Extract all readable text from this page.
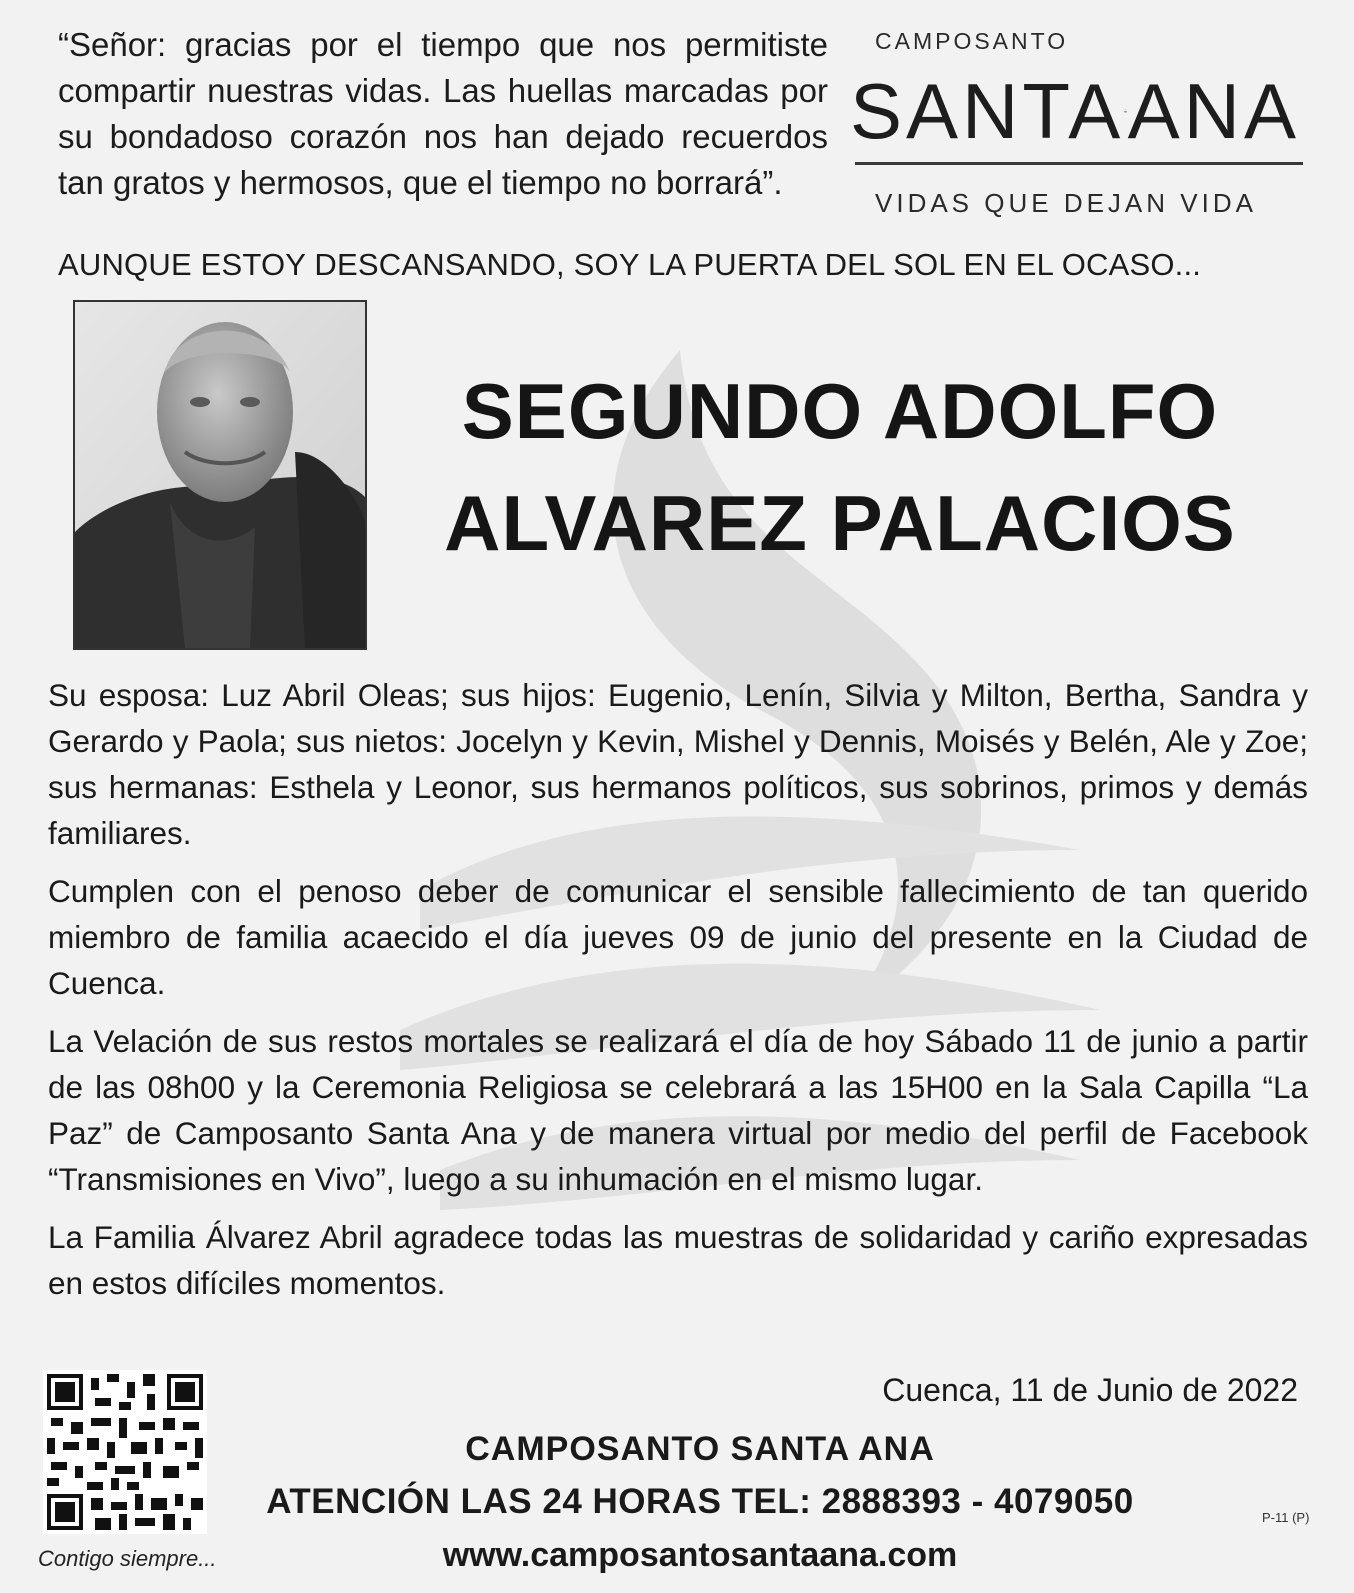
“Señor: gracias por el tiempo que nos permitiste compartir nuestras vidas. Las huellas marcadas por su bondadoso corazón nos han dejado recuerdos tan gratos y hermosos, que el tiempo no borrará”.
CAMPOSANTO
SANTA ANA
VIDAS QUE DEJAN VIDA
AUNQUE ESTOY DESCANSANDO, SOY LA PUERTA DEL SOL EN EL OCASO...
SEGUNDO ADOLFO
ALVAREZ PALACIOS

Su esposa: Luz Abril Oleas; sus hijos: Eugenio, Lenín, Silvia y Milton, Bertha, Sandra y Gerardo y Paola; sus nietos: Jocelyn y Kevin, Mishel y Dennis, Moisés y Belén, Ale y Zoe; sus hermanas: Esthela y Leonor, sus hermanos políticos, sus sobrinos, primos y demás familiares.

Cumplen con el penoso deber de comunicar el sensible fallecimiento de tan querido miembro de familia acaecido el día jueves 09 de junio del presente en la Ciudad de Cuenca.

La Velación de sus restos mortales se realizará el día de hoy Sábado 11 de junio a partir de las 08h00 y la Ceremonia Religiosa se celebrará a las 15H00 en la Sala Capilla “La Paz” de Camposanto Santa Ana y de manera virtual por medio del perfil de Facebook “Transmisiones en Vivo”, luego a su inhumación en el mismo lugar.

La Familia Álvarez Abril agradece todas las muestras de solidaridad y cariño expresadas en estos difíciles momentos.

Contigo siempre...
Cuenca, 11 de Junio de 2022
CAMPOSANTO SANTA ANA
ATENCIÓN LAS 24 HORAS TEL: 2888393 - 4079050
www.camposantosantaana.com
P-11 (P)
